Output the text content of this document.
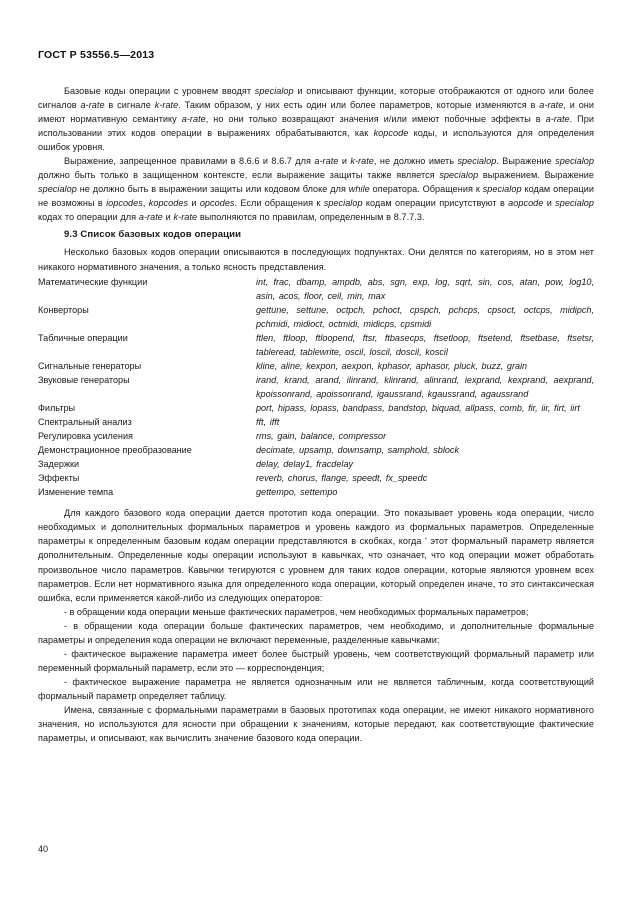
ГОСТ Р 53556.5—2013

Базовые коды операции с уровнем вводят specialop и описывают функции, которые отображаются от одного или более сигналов a-rate в сигнале k-rate. Таким образом, у них есть один или более параметров, которые изменяются в a-rate, и они имеют нормативную семантику a-rate, но они только возвращают значения и/или имеют побочные эффекты в a-rate. При использовании этих кодов операции в выражениях обрабатываются, как kopcode коды, и используются для определения ошибок уровня.

Выражение, запрещенное правилами в 8.6.6 и 8.6.7 для a-rate и k-rate, не должно иметь specialop. Выражение specialop должно быть только в защищенном контексте, если выражение защиты также является specialop выражением. Выражение specialop не должно быть в выражении защиты или кодовом блоке для while оператора. Обращения к specialop кодам операции не возможны в iopcodes, kopcodes и opcodes. Если обращения к specialop кодам операции присутствуют в aopcode и specialop кодах то операции для a-rate и k-rate выполняются по правилам, определенным в 8.7.7.3.

9.3 Список базовых кодов операции

Несколько базовых кодов операции описываются в последующих подпунктах. Они делятся по категориям, но в этом нет никакого нормативного значения, а только ясность представления.

Математические функции	int, frac, dbamp, ampdb, abs, sgn, exp, log, sqrt, sin, cos, atan, pow, log10, asin, acos, floor, ceil, min, max
Конверторы	gettune, settune, octpch, pchoct, cpspch, pchcps, cpsoct, octcps, midipch, pchmidi, midioct, octmidi, midicps, cpsmidi
Табличные операции	ftlen, ftloop, ftloopend, ftsr, ftbasecps, ftsetloop, ftsetend, ftsetbase, ftsetsr, tableread, tablewrite, oscil, loscil, doscil, koscil
Сигнальные генераторы	kline, aline, kexpon, aexpon, kphasor, aphasor, pluck, buzz, grain
Звуковые генераторы	irand, krand, arand, ilinrand, klinrand, alinrand, iexprand, kexprand, aexprand, kpoissonrand, apoissonrand, igaussrand, kgaussrand, agaussrand
Фильтры	port, hipass, lopass, bandpass, bandstop, biquad, allpass, comb, fir, iir, firt, iirt
Спектральный анализ	fft, ifft
Регулировка усиления	rms, gain, balance, compressor
Демонстрационное преобразование	decimate, upsamp, downsamp, samphold, sblock
Задержки	delay, delay1, fracdelay
Эффекты	reverb, chorus, flange, speedt, fx_speedc
Изменение темпа	gettempo, settempo

Для каждого базового кода операции дается прототип кода операции. Это показывает уровень кода операции, число необходимых и дополнительных формальных параметров и уровень каждого из формальных параметров. Определенные параметры к определенным базовым кодам операции представляются в скобках, когда ' этот формальный параметр является дополнительным. Определенные коды операции используют в кавычках, что означает, что код операции может обработать произвольное число параметров. Кавычки тегируются с уровнем для таких кодов операции, которые являются уровнем всех параметров. Если нет нормативного языка для определенного кода операции, который определен иначе, то это синтаксическая ошибка, если применяется какой-либо из следующих операторов:

- в обращении кода операции меньше фактических параметров, чем необходимых формальных параметров;

- в обращении кода операции больше фактических параметров, чем необходимо, и дополнительные формальные параметры и определения кода операции не включают переменные, разделенные кавычками;

- фактическое выражение параметра имеет более быстрый уровень, чем соответствующий формальный параметр или переменный формальный параметр, если это — корреспонденция;

- фактическое выражение параметра не является однозначным или не является табличным, когда соответствующий формальный параметр определяет таблицу.

Имена, связанные с формальными параметрами в базовых прототипах кода операции, не имеют никакого нормативного значения, но используются для ясности при обращении к значениям, которые передают, как соответствующие фактические параметры, и описывают, как вычислить значение базового кода операции.

40
